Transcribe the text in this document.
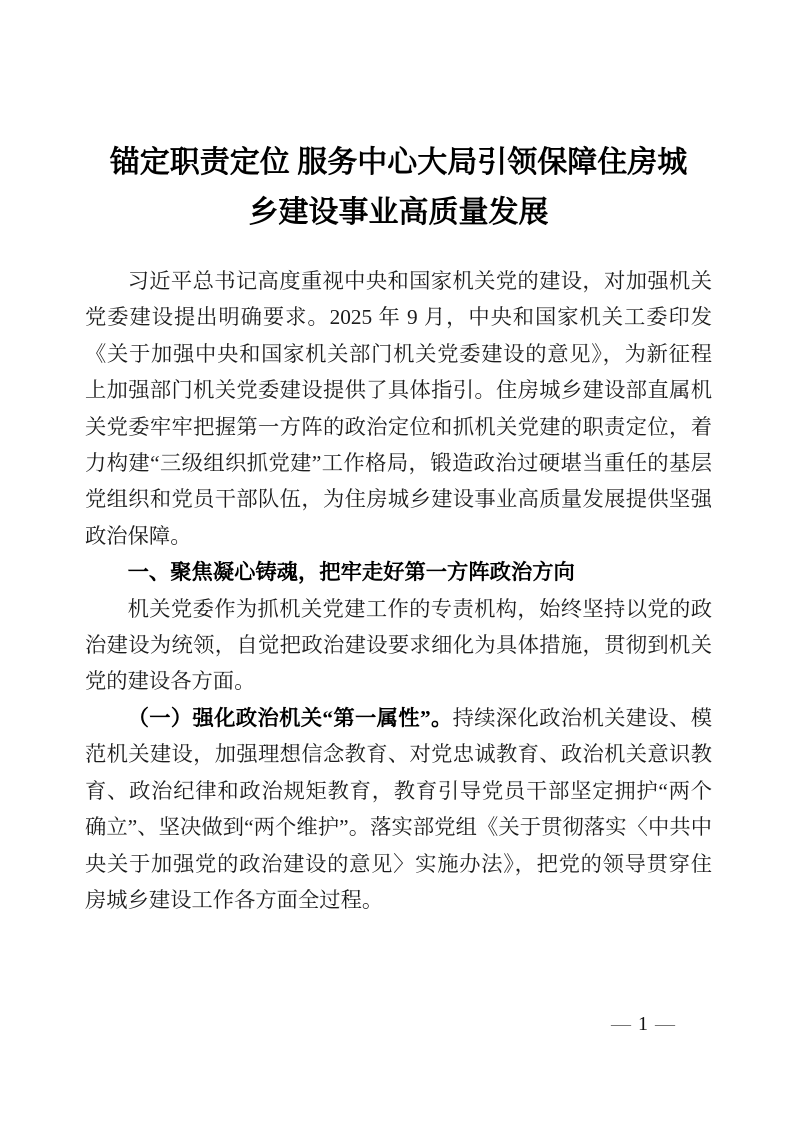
锚定职责定位 服务中心大局引领保障住房城
乡建设事业高质量发展

习近平总书记高度重视中央和国家机关党的建设，对加强机关党委建设提出明确要求。2025 年 9 月，中央和国家机关工委印发《关于加强中央和国家机关部门机关党委建设的意见》，为新征程上加强部门机关党委建设提供了具体指引。住房城乡建设部直属机关党委牢牢把握第一方阵的政治定位和抓机关党建的职责定位，着力构建“三级组织抓党建”工作格局，锻造政治过硬堪当重任的基层党组织和党员干部队伍，为住房城乡建设事业高质量发展提供坚强政治保障。

一、聚焦凝心铸魂，把牢走好第一方阵政治方向

机关党委作为抓机关党建工作的专责机构，始终坚持以党的政治建设为统领，自觉把政治建设要求细化为具体措施，贯彻到机关党的建设各方面。

（一）强化政治机关“第一属性”。持续深化政治机关建设、模范机关建设，加强理想信念教育、对党忠诚教育、政治机关意识教育、政治纪律和政治规矩教育，教育引导党员干部坚定拥护“两个确立”、坚决做到“两个维护”。落实部党组《关于贯彻落实〈中共中央关于加强党的政治建设的意见〉实施办法》，把党的领导贯穿住房城乡建设工作各方面全过程。

— 1 —
